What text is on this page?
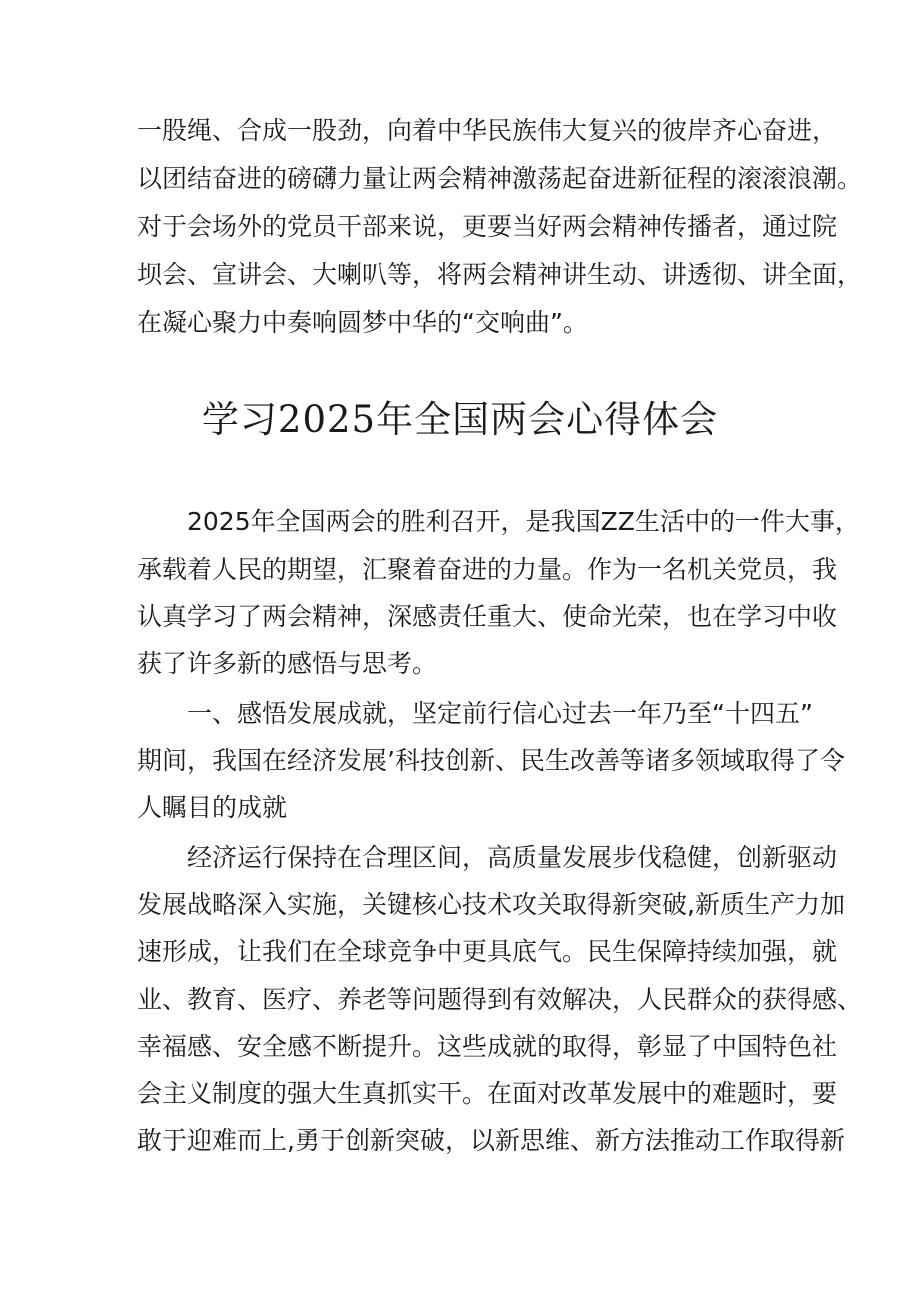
一股绳、合成一股劲，向着中华民族伟大复兴的彼岸齐心奋进，
以团结奋进的磅礴力量让两会精神激荡起奋进新征程的滚滚浪潮。
对于会场外的党员干部来说，更要当好两会精神传播者，通过院
坝会、宣讲会、大喇叭等，将两会精神讲生动、讲透彻、讲全面，
在凝心聚力中奏响圆梦中华的“交响曲”。
学习2025年全国两会心得体会
2025年全国两会的胜利召开，是我国ZZ生活中的一件大事，
承载着人民的期望，汇聚着奋进的力量。作为一名机关党员，我
认真学习了两会精神，深感责任重大、使命光荣，也在学习中收
获了许多新的感悟与思考。
一、感悟发展成就，坚定前行信心过去一年乃至“十四五”
期间，我国在经济发展’科技创新、民生改善等诸多领域取得了令
人瞩目的成就
经济运行保持在合理区间，高质量发展步伐稳健，创新驱动
发展战略深入实施，关键核心技术攻关取得新突破,新质生产力加
速形成，让我们在全球竞争中更具底气。民生保障持续加强，就
业、教育、医疗、养老等问题得到有效解决，人民群众的获得感、
幸福感、安全感不断提升。这些成就的取得，彰显了中国特色社
会主义制度的强大生真抓实干。在面对改革发展中的难题时，要
敢于迎难而上,勇于创新突破，以新思维、新方法推动工作取得新
